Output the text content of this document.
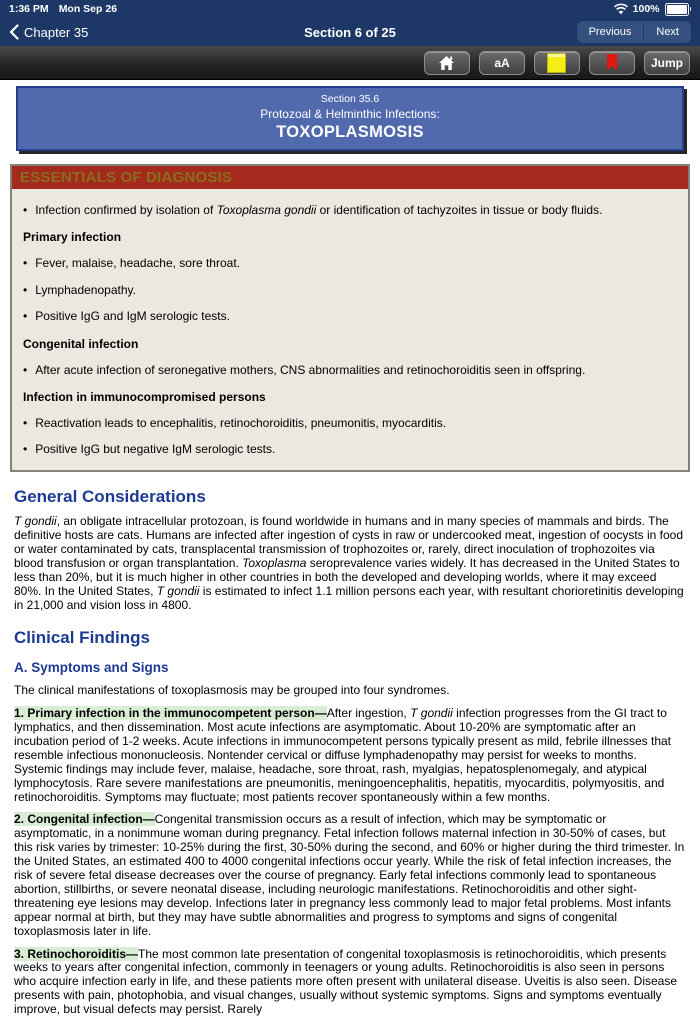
1:36 PM Mon Sep 26	100%
Section 6 of 25
Chapter 35	Previous	Next
aA	Jump
Section 35.6
Protozoal & Helminthic Infections:
TOXOPLASMOSIS
ESSENTIALS OF DIAGNOSIS
• Infection confirmed by isolation of Toxoplasma gondii or identification of tachyzoites in tissue or body fluids.
Primary infection
• Fever, malaise, headache, sore throat.
• Lymphadenopathy.
• Positive IgG and IgM serologic tests.
Congenital infection
• After acute infection of seronegative mothers, CNS abnormalities and retinochoroiditis seen in offspring.
Infection in immunocompromised persons
• Reactivation leads to encephalitis, retinochoroiditis, pneumonitis, myocarditis.
• Positive IgG but negative IgM serologic tests.
General Considerations

T gondii, an obligate intracellular protozoan, is found worldwide in humans and in many species of mammals and birds. The definitive hosts are cats. Humans are infected after ingestion of cysts in raw or undercooked meat, ingestion of oocysts in food or water contaminated by cats, transplacental transmission of trophozoites or, rarely, direct inoculation of trophozoites via blood transfusion or organ transplantation. Toxoplasma seroprevalence varies widely. It has decreased in the United States to less than 20%, but it is much higher in other countries in both the developed and developing worlds, where it may exceed 80%. In the United States, T gondii is estimated to infect 1.1 million persons each year, with resultant chorioretinitis developing in 21,000 and vision loss in 4800.

Clinical Findings
A. Symptoms and Signs

The clinical manifestations of toxoplasmosis may be grouped into four syndromes.

1. Primary infection in the immunocompetent person—After ingestion, T gondii infection progresses from the GI tract to lymphatics, and then dissemination. Most acute infections are asymptomatic. About 10-20% are symptomatic after an incubation period of 1-2 weeks. Acute infections in immunocompetent persons typically present as mild, febrile illnesses that resemble infectious mononucleosis. Nontender cervical or diffuse lymphadenopathy may persist for weeks to months. Systemic findings may include fever, malaise, headache, sore throat, rash, myalgias, hepatosplenomegaly, and atypical lymphocytosis. Rare severe manifestations are pneumonitis, meningoencephalitis, hepatitis, myocarditis, polymyositis, and retinochoroiditis. Symptoms may fluctuate; most patients recover spontaneously within a few months.

2. Congenital infection—Congenital transmission occurs as a result of infection, which may be symptomatic or asymptomatic, in a nonimmune woman during pregnancy. Fetal infection follows maternal infection in 30-50% of cases, but this risk varies by trimester: 10-25% during the first, 30-50% during the second, and 60% or higher during the third trimester. In the United States, an estimated 400 to 4000 congenital infections occur yearly. While the risk of fetal infection increases, the risk of severe fetal disease decreases over the course of pregnancy. Early fetal infections commonly lead to spontaneous abortion, stillbirths, or severe neonatal disease, including neurologic manifestations. Retinochoroiditis and other sight-threatening eye lesions may develop. Infections later in pregnancy less commonly lead to major fetal problems. Most infants appear normal at birth, but they may have subtle abnormalities and progress to symptoms and signs of congenital toxoplasmosis later in life.

3. Retinochoroiditis—The most common late presentation of congenital toxoplasmosis is retinochoroiditis, which presents weeks to years after congenital infection, commonly in teenagers or young adults. Retinochoroiditis is also seen in persons who acquire infection early in life, and these patients more often present with unilateral disease. Uveitis is also seen. Disease presents with pain, photophobia, and visual changes, usually without systemic symptoms. Signs and symptoms eventually improve, but visual defects may persist. Rarely
